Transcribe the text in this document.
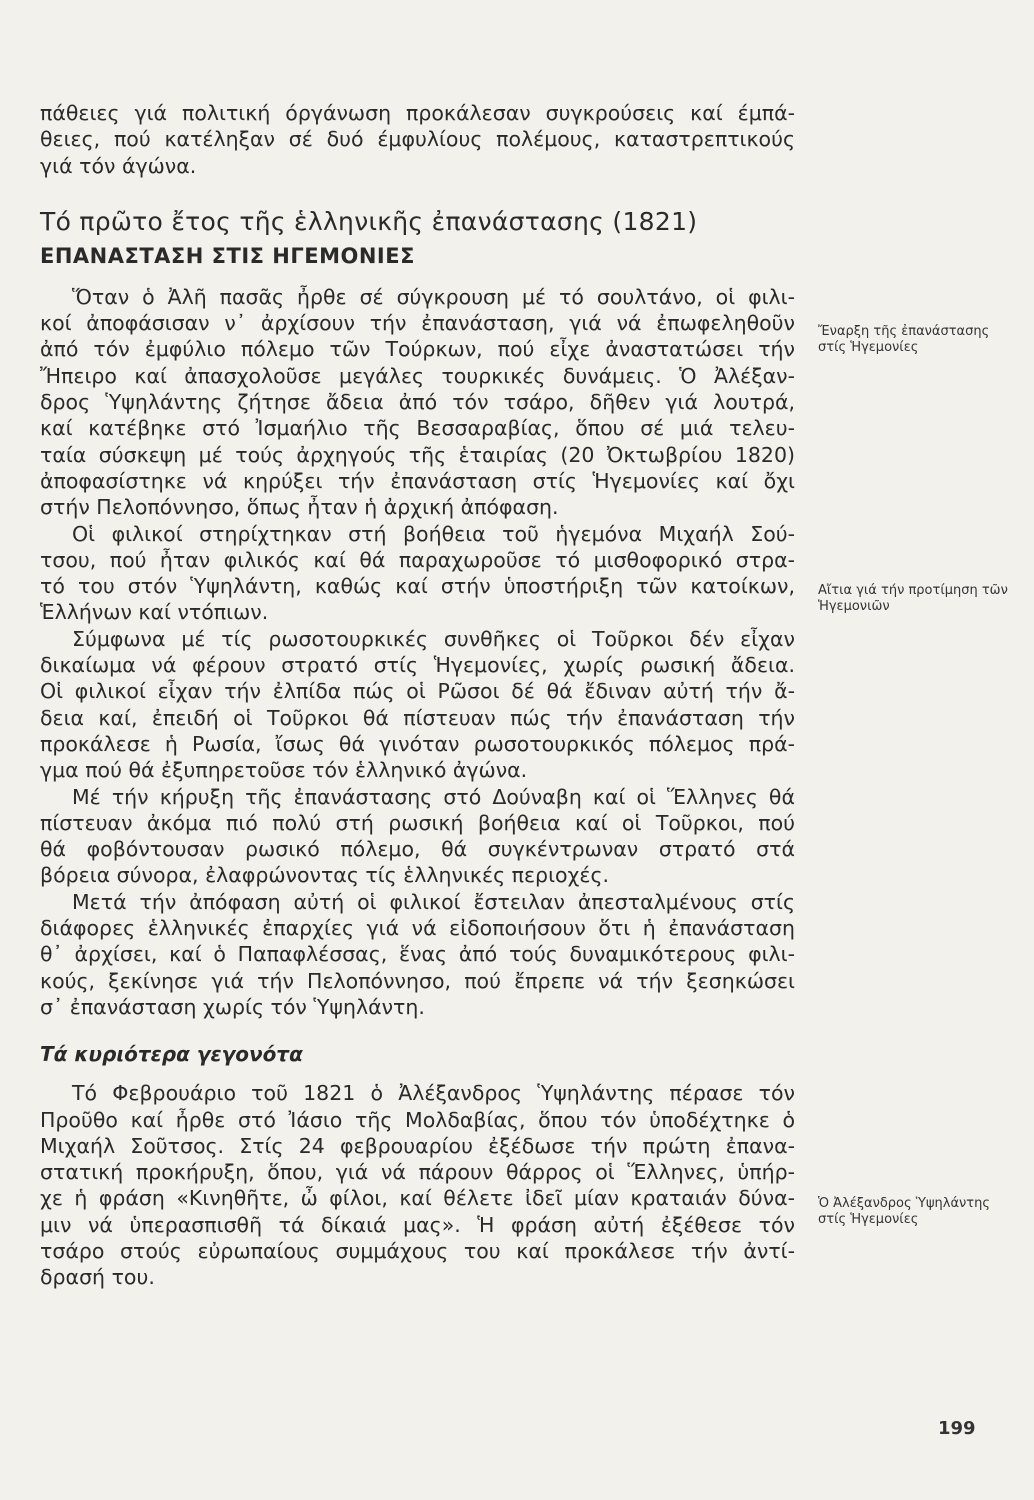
πάθειες γιά πολιτική όργάνωση προκάλεσαν συγκρούσεις καί έμπά-
θειες, πού κατέληξαν σέ δυό έμφυλίους πολέμους, καταστρεπτικούς
γιά τόν άγώνα.
Τό πρῶτο ἔτος τῆς ἑλληνικῆς ἐπανάστασης (1821)
ΕΠΑΝΑΣΤΑΣΗ ΣΤΙΣ ΗΓΕΜΟΝΙΕΣ
Ὅταν ὁ Ἀλῆ πασᾶς ἦρθε σέ σύγκρουση μέ τό σουλτάνο, οἱ φιλι-
κοί ἀποφάσισαν ν᾽ ἀρχίσουν τήν ἐπανάσταση, γιά νά ἐπωφεληθοῦν
ἀπό τόν ἐμφύλιο πόλεμο τῶν Τούρκων, πού εἶχε ἀναστατώσει τήν
Ἤπειρο καί ἀπασχολοῦσε μεγάλες τουρκικές δυνάμεις. Ὁ Ἀλέξαν-
δρος Ὑψηλάντης ζήτησε ἄδεια ἀπό τόν τσάρο, δῆθεν γιά λουτρά,
καί κατέβηκε στό Ἰσμαήλιο τῆς Βεσσαραβίας, ὅπου σέ μιά τελευ-
ταία σύσκεψη μέ τούς ἀρχηγούς τῆς ἑταιρίας (20 Ὀκτωβρίου 1820)
ἀποφασίστηκε νά κηρύξει τήν ἐπανάσταση στίς Ἡγεμονίες καί ὄχι
στήν Πελοπόννησο, ὅπως ἦταν ἡ ἀρχική ἀπόφαση.
Οἱ φιλικοί στηρίχτηκαν στή βοήθεια τοῦ ἡγεμόνα Μιχαήλ Σού-
τσου, πού ἦταν φιλικός καί θά παραχωροῦσε τό μισθοφορικό στρα-
τό του στόν Ὑψηλάντη, καθώς καί στήν ὑποστήριξη τῶν κατοίκων,
Ἑλλήνων καί ντόπιων.
Σύμφωνα μέ τίς ρωσοτουρκικές συνθῆκες οἱ Τοῦρκοι δέν εἶχαν
δικαίωμα νά φέρουν στρατό στίς Ἡγεμονίες, χωρίς ρωσική ἄδεια.
Οἱ φιλικοί εἶχαν τήν ἐλπίδα πώς οἱ Ρῶσοι δέ θά ἔδιναν αὐτή τήν ἄ-
δεια καί, ἐπειδή οἱ Τοῦρκοι θά πίστευαν πώς τήν ἐπανάσταση τήν
προκάλεσε ἡ Ρωσία, ἴσως θά γινόταν ρωσοτουρκικός πόλεμος πρά-
γμα πού θά ἐξυπηρετοῦσε τόν ἑλληνικό ἀγώνα.
Μέ τήν κήρυξη τῆς ἐπανάστασης στό Δούναβη καί οἱ Ἕλληνες θά
πίστευαν ἀκόμα πιό πολύ στή ρωσική βοήθεια καί οἱ Τοῦρκοι, πού
θά φοβόντουσαν ρωσικό πόλεμο, θά συγκέντρωναν στρατό στά
βόρεια σύνορα, ἐλαφρώνοντας τίς ἑλληνικές περιοχές.
Μετά τήν ἀπόφαση αὐτή οἱ φιλικοί ἔστειλαν ἀπεσταλμένους στίς
διάφορες ἑλληνικές ἐπαρχίες γιά νά εἰδοποιήσουν ὅτι ἡ ἐπανάσταση
θ᾽ ἀρχίσει, καί ὁ Παπαφλέσσας, ἕνας ἀπό τούς δυναμικότερους φιλι-
κούς, ξεκίνησε γιά τήν Πελοπόννησο, πού ἔπρεπε νά τήν ξεσηκώσει
σ᾽ ἐπανάσταση χωρίς τόν Ὑψηλάντη.
Τά κυριότερα γεγονότα
Τό Φεβρουάριο τοῦ 1821 ὁ Ἀλέξανδρος Ὑψηλάντης πέρασε τόν
Προῦθο καί ἦρθε στό Ἰάσιο τῆς Μολδαβίας, ὅπου τόν ὑποδέχτηκε ὁ
Μιχαήλ Σοῦτσος. Στίς 24 φεβρουαρίου ἐξέδωσε τήν πρώτη ἐπανα-
στατική προκήρυξη, ὅπου, γιά νά πάρουν θάρρος οἱ Ἕλληνες, ὑπήρ-
χε ἡ φράση «Κινηθῆτε, ὦ φίλοι, καί θέλετε ἰδεῖ μίαν κραταιάν δύνα-
μιν νά ὑπερασπισθῆ τά δίκαιά μας». Ἡ φράση αὐτή ἐξέθεσε τόν
τσάρο στούς εὐρωπαίους συμμάχους του καί προκάλεσε τήν ἀντί-
δρασή του.
Ἔναρξη τῆς ἐπανάστασης στίς Ἡγεμονίες
Αἴτια γιά τήν προτίμηση τῶν Ἡγεμονιῶν
Ὁ Ἀλέξανδρος Ὑψηλάντης στίς Ἡγεμονίες
199
